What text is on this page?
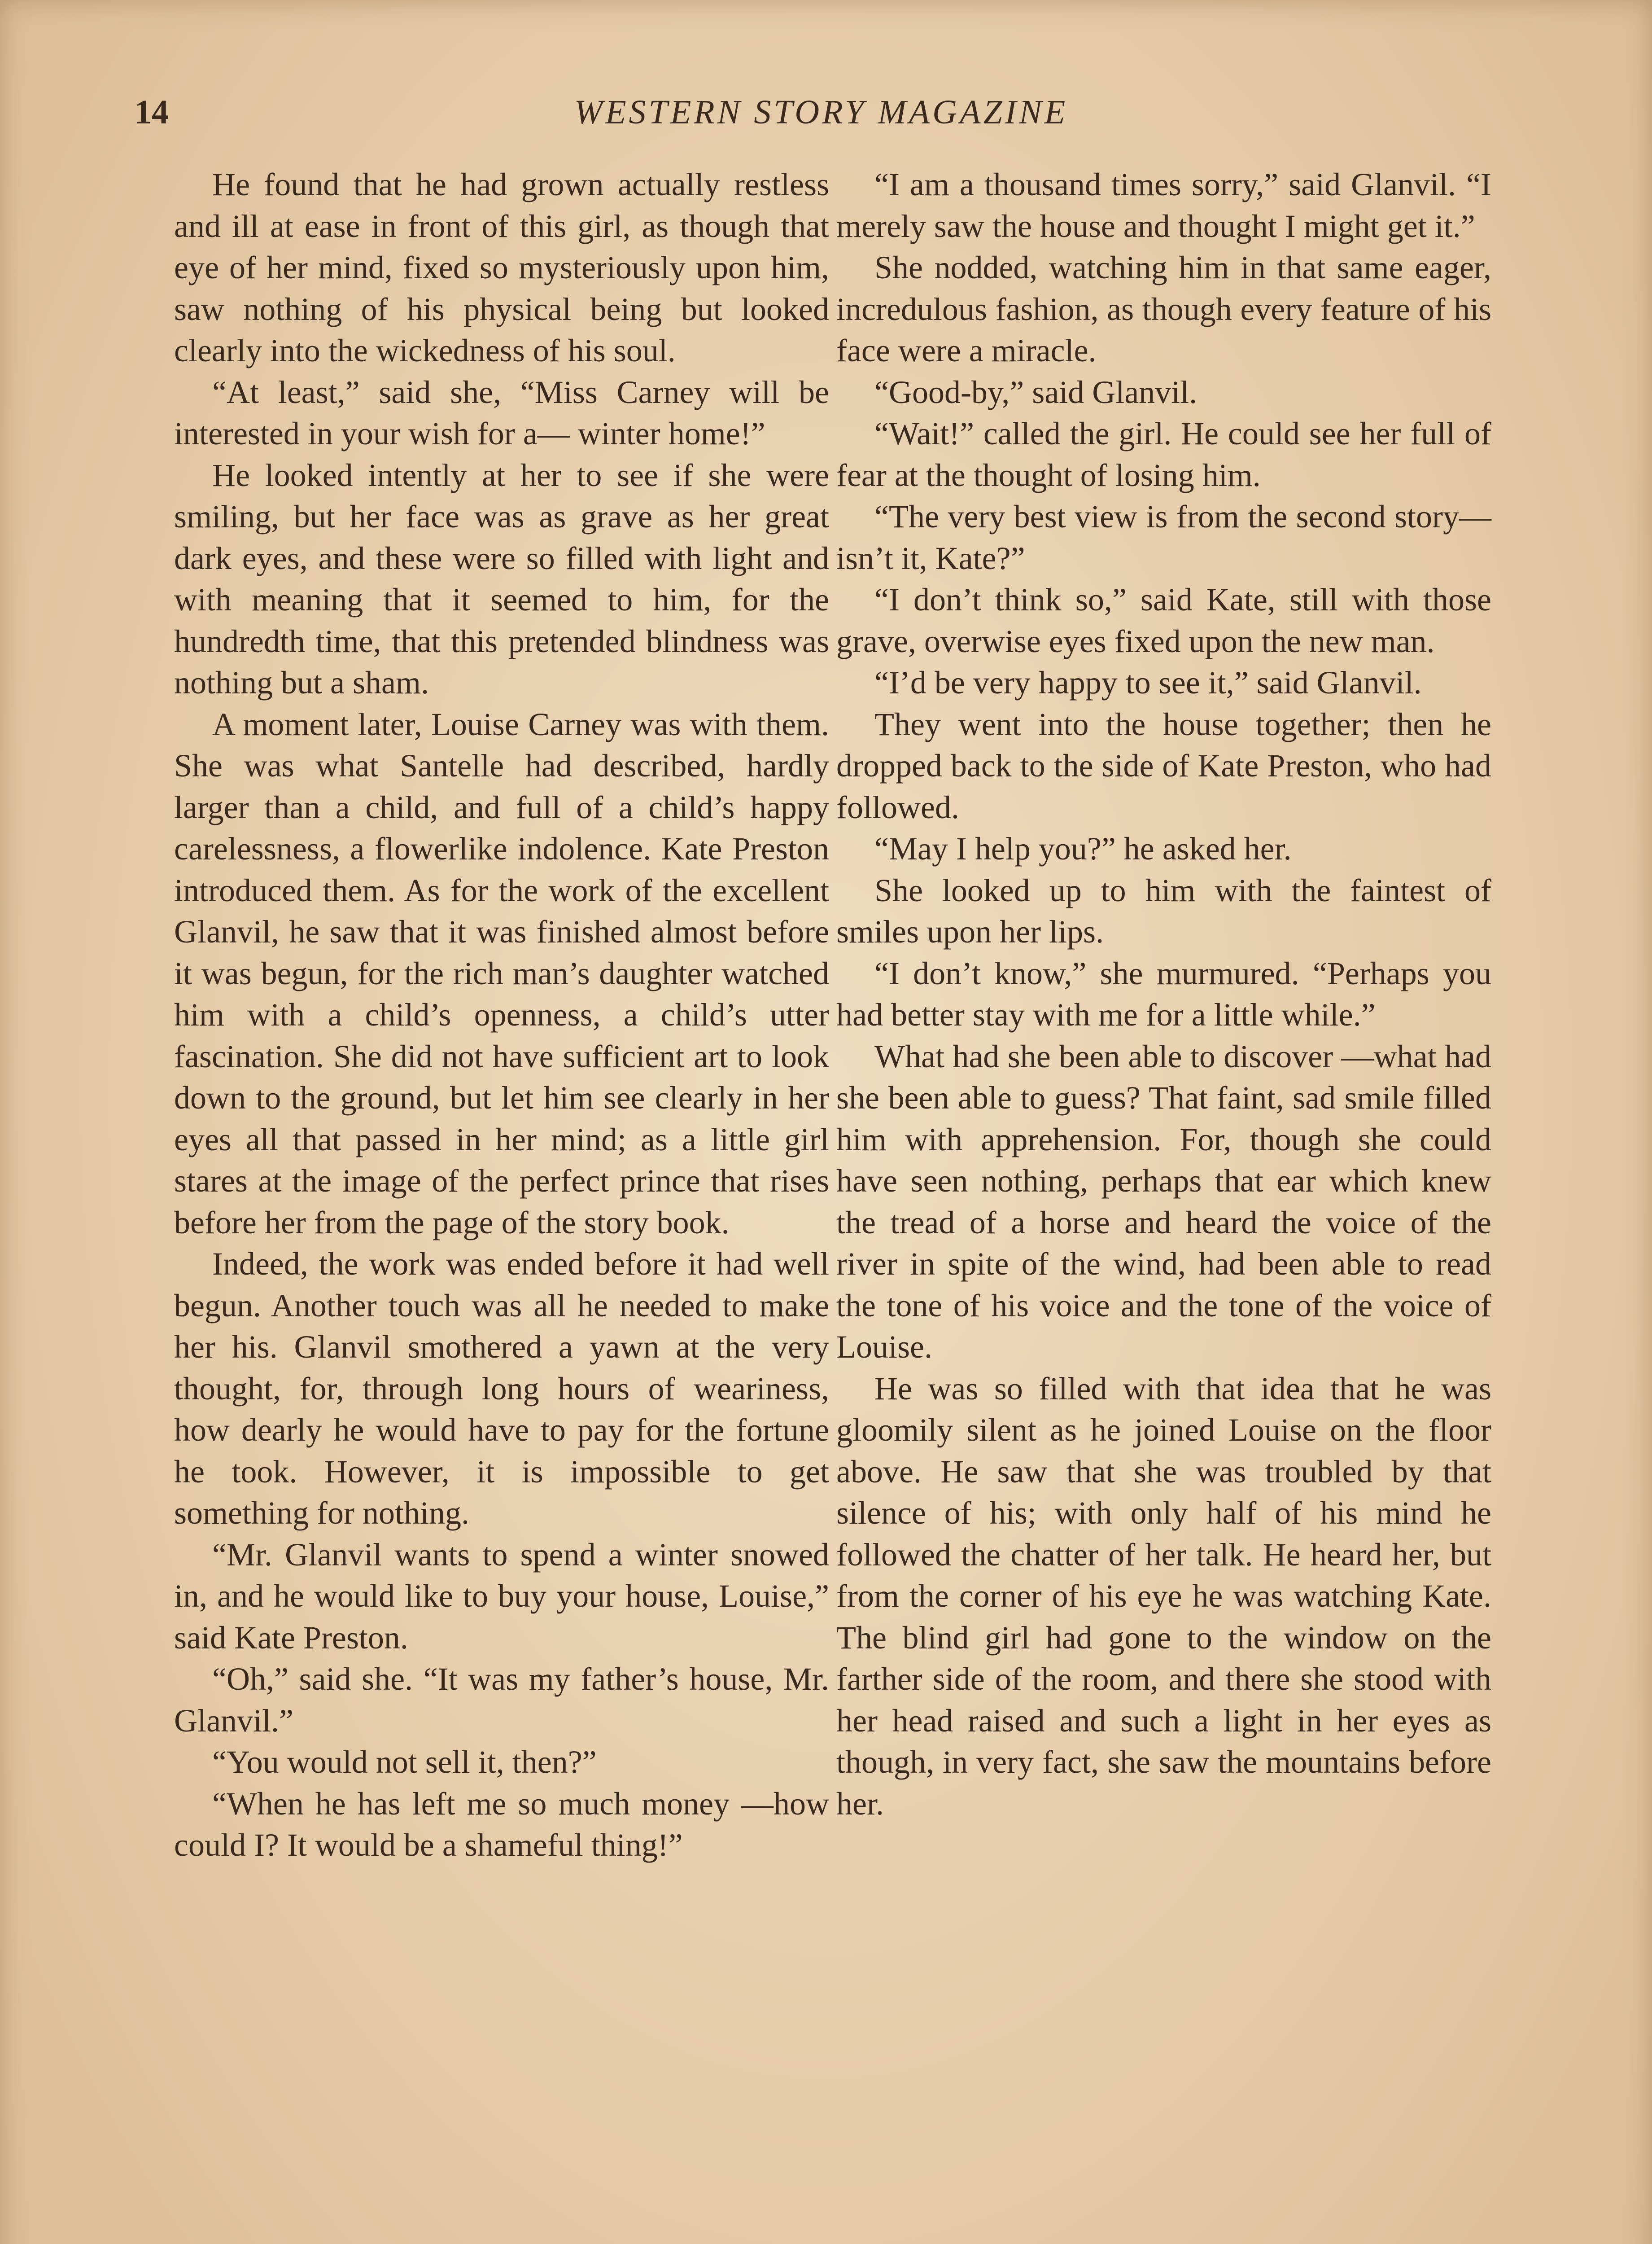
14	WESTERN STORY MAGAZINE

He found that he had grown actually restless and ill at ease in front of this girl, as though that eye of her mind, fixed so mysteriously upon him, saw nothing of his physical being but looked clearly into the wickedness of his soul.

“At least,” said she, “Miss Carney will be interested in your wish for a— winter home!”

He looked intently at her to see if she were smiling, but her face was as grave as her great dark eyes, and these were so filled with light and with meaning that it seemed to him, for the hundredth time, that this pretended blindness was nothing but a sham.

A moment later, Louise Carney was with them. She was what Santelle had described, hardly larger than a child, and full of a child’s happy carelessness, a flowerlike indolence. Kate Preston introduced them. As for the work of the excellent Glanvil, he saw that it was finished almost before it was begun, for the rich man’s daughter watched him with a child’s openness, a child’s utter fascination. She did not have sufficient art to look down to the ground, but let him see clearly in her eyes all that passed in her mind; as a little girl stares at the image of the perfect prince that rises before her from the page of the story book.

Indeed, the work was ended before it had well begun. Another touch was all he needed to make her his. Glanvil smothered a yawn at the very thought, for, through long hours of weariness, how dearly he would have to pay for the fortune he took. However, it is impossible to get something for nothing.

“Mr. Glanvil wants to spend a winter snowed in, and he would like to buy your house, Louise,” said Kate Preston.

“Oh,” said she. “It was my father’s house, Mr. Glanvil.”

“You would not sell it, then?”

“When he has left me so much money —how could I? It would be a shameful thing!”

“I am a thousand times sorry,” said Glanvil. “I merely saw the house and thought I might get it.”

She nodded, watching him in that same eager, incredulous fashion, as though every feature of his face were a miracle.

“Good-by,” said Glanvil.

“Wait!” called the girl. He could see her full of fear at the thought of losing him.

“The very best view is from the second story—isn’t it, Kate?”

“I don’t think so,” said Kate, still with those grave, overwise eyes fixed upon the new man.

“I’d be very happy to see it,” said Glanvil.

They went into the house together; then he dropped back to the side of Kate Preston, who had followed.

“May I help you?” he asked her.

She looked up to him with the faintest of smiles upon her lips.

“I don’t know,” she murmured. “Perhaps you had better stay with me for a little while.”

What had she been able to discover —what had she been able to guess? That faint, sad smile filled him with apprehension. For, though she could have seen nothing, perhaps that ear which knew the tread of a horse and heard the voice of the river in spite of the wind, had been able to read the tone of his voice and the tone of the voice of Louise.

He was so filled with that idea that he was gloomily silent as he joined Louise on the floor above. He saw that she was troubled by that silence of his; with only half of his mind he followed the chatter of her talk. He heard her, but from the corner of his eye he was watching Kate. The blind girl had gone to the window on the farther side of the room, and there she stood with her head raised and such a light in her eyes as though, in very fact, she saw the mountains before her.
